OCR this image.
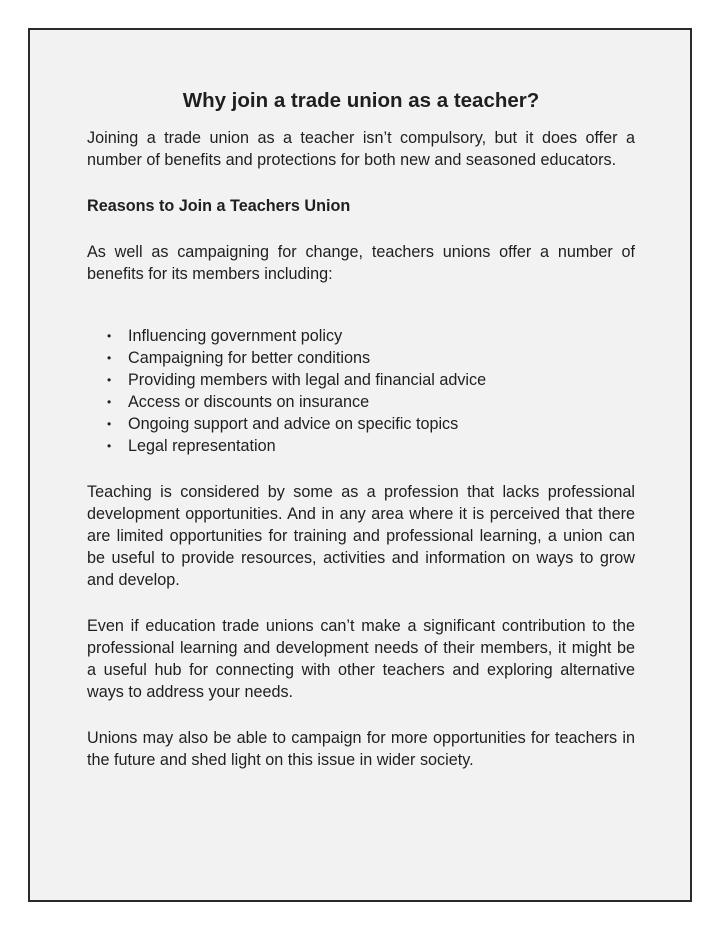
Why join a trade union as a teacher?

Joining a trade union as a teacher isn’t compulsory, but it does offer a number of benefits and protections for both new and seasoned educators.

Reasons to Join a Teachers Union

As well as campaigning for change, teachers unions offer a number of benefits for its members including:

• Influencing government policy
• Campaigning for better conditions
• Providing members with legal and financial advice
• Access or discounts on insurance
• Ongoing support and advice on specific topics
• Legal representation

Teaching is considered by some as a profession that lacks professional development opportunities. And in any area where it is perceived that there are limited opportunities for training and professional learning, a union can be useful to provide resources, activities and information on ways to grow and develop.

Even if education trade unions can’t make a significant contribution to the professional learning and development needs of their members, it might be a useful hub for connecting with other teachers and exploring alternative ways to address your needs.

Unions may also be able to campaign for more opportunities for teachers in the future and shed light on this issue in wider society.
